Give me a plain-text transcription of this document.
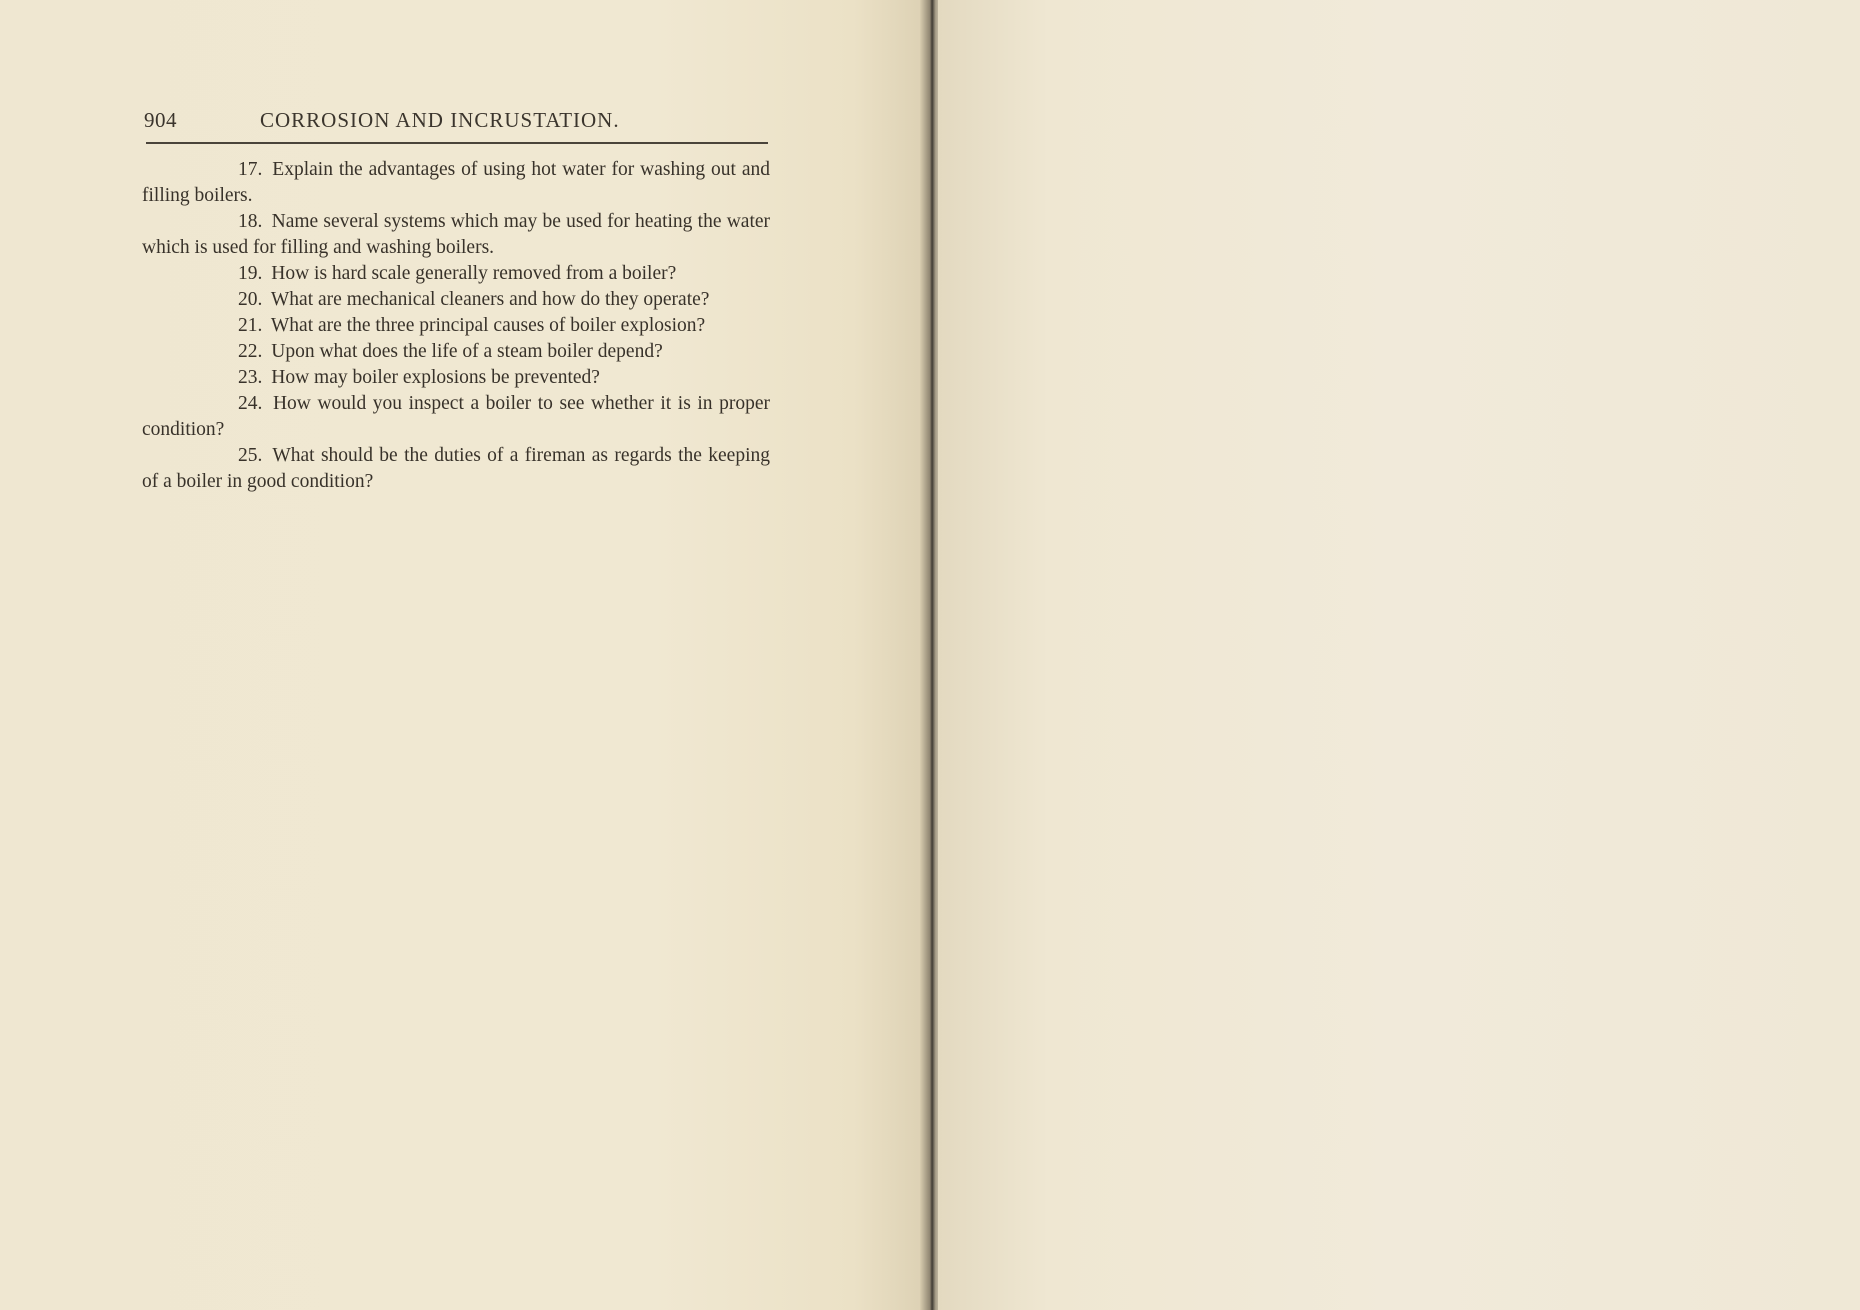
904	CORROSION AND INCRUSTATION.

17. Explain the advantages of using hot water for washing out and filling boilers.

18. Name several systems which may be used for heating the water which is used for filling and washing boilers.

19. How is hard scale generally removed from a boiler?

20. What are mechanical cleaners and how do they operate?

21. What are the three principal causes of boiler explosion?

22. Upon what does the life of a steam boiler depend?

23. How may boiler explosions be prevented?

24. How would you inspect a boiler to see whether it is in proper condition?

25. What should be the duties of a fireman as regards the keeping of a boiler in good condition?
